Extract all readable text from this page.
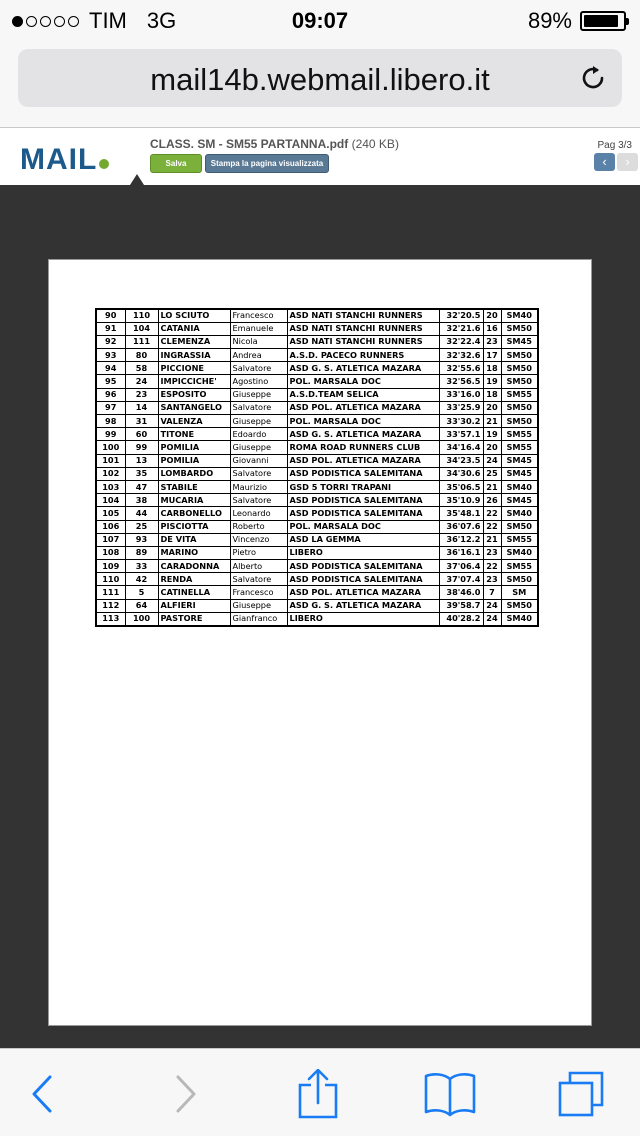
TIM 3G	09:07	89%
mail14b.webmail.libero.it
MAIL	CLASS. SM - SM55 PARTANNA.pdf (240 KB)
Salva	Stampa la pagina visualizzata
Pag 3/3
‹	›
90	110	LO SCIUTO	Francesco	ASD NATI STANCHI RUNNERS	32'20.5	20	SM40
91	104	CATANIA	Emanuele	ASD NATI STANCHI RUNNERS	32'21.6	16	SM50
92	111	CLEMENZA	Nicola	ASD NATI STANCHI RUNNERS	32'22.4	23	SM45
93	80	INGRASSIA	Andrea	A.S.D. PACECO RUNNERS	32'32.6	17	SM50
94	58	PICCIONE	Salvatore	ASD G. S. ATLETICA MAZARA	32'55.6	18	SM50
95	24	IMPICCICHE'	Agostino	POL. MARSALA DOC	32'56.5	19	SM50
96	23	ESPOSITO	Giuseppe	A.S.D.TEAM SELICA	33'16.0	18	SM55
97	14	SANTANGELO	Salvatore	ASD POL. ATLETICA MAZARA	33'25.9	20	SM50
98	31	VALENZA	Giuseppe	POL. MARSALA DOC	33'30.2	21	SM50
99	60	TITONE	Edoardo	ASD G. S. ATLETICA MAZARA	33'57.1	19	SM55
100	99	POMILIA	Giuseppe	ROMA ROAD RUNNERS CLUB	34'16.4	20	SM55
101	13	POMILIA	Giovanni	ASD POL. ATLETICA MAZARA	34'23.5	24	SM45
102	35	LOMBARDO	Salvatore	ASD PODISTICA SALEMITANA	34'30.6	25	SM45
103	47	STABILE	Maurizio	GSD 5 TORRI TRAPANI	35'06.5	21	SM40
104	38	MUCARIA	Salvatore	ASD PODISTICA SALEMITANA	35'10.9	26	SM45
105	44	CARBONELLO	Leonardo	ASD PODISTICA SALEMITANA	35'48.1	22	SM40
106	25	PISCIOTTA	Roberto	POL. MARSALA DOC	36'07.6	22	SM50
107	93	DE VITA	Vincenzo	ASD LA GEMMA	36'12.2	21	SM55
108	89	MARINO	Pietro	LIBERO	36'16.1	23	SM40
109	33	CARADONNA	Alberto	ASD PODISTICA SALEMITANA	37'06.4	22	SM55
110	42	RENDA	Salvatore	ASD PODISTICA SALEMITANA	37'07.4	23	SM50
111	5	CATINELLA	Francesco	ASD POL. ATLETICA MAZARA	38'46.0	7	SM
112	64	ALFIERI	Giuseppe	ASD G. S. ATLETICA MAZARA	39'58.7	24	SM50
113	100	PASTORE	Gianfranco	LIBERO	40'28.2	24	SM40
